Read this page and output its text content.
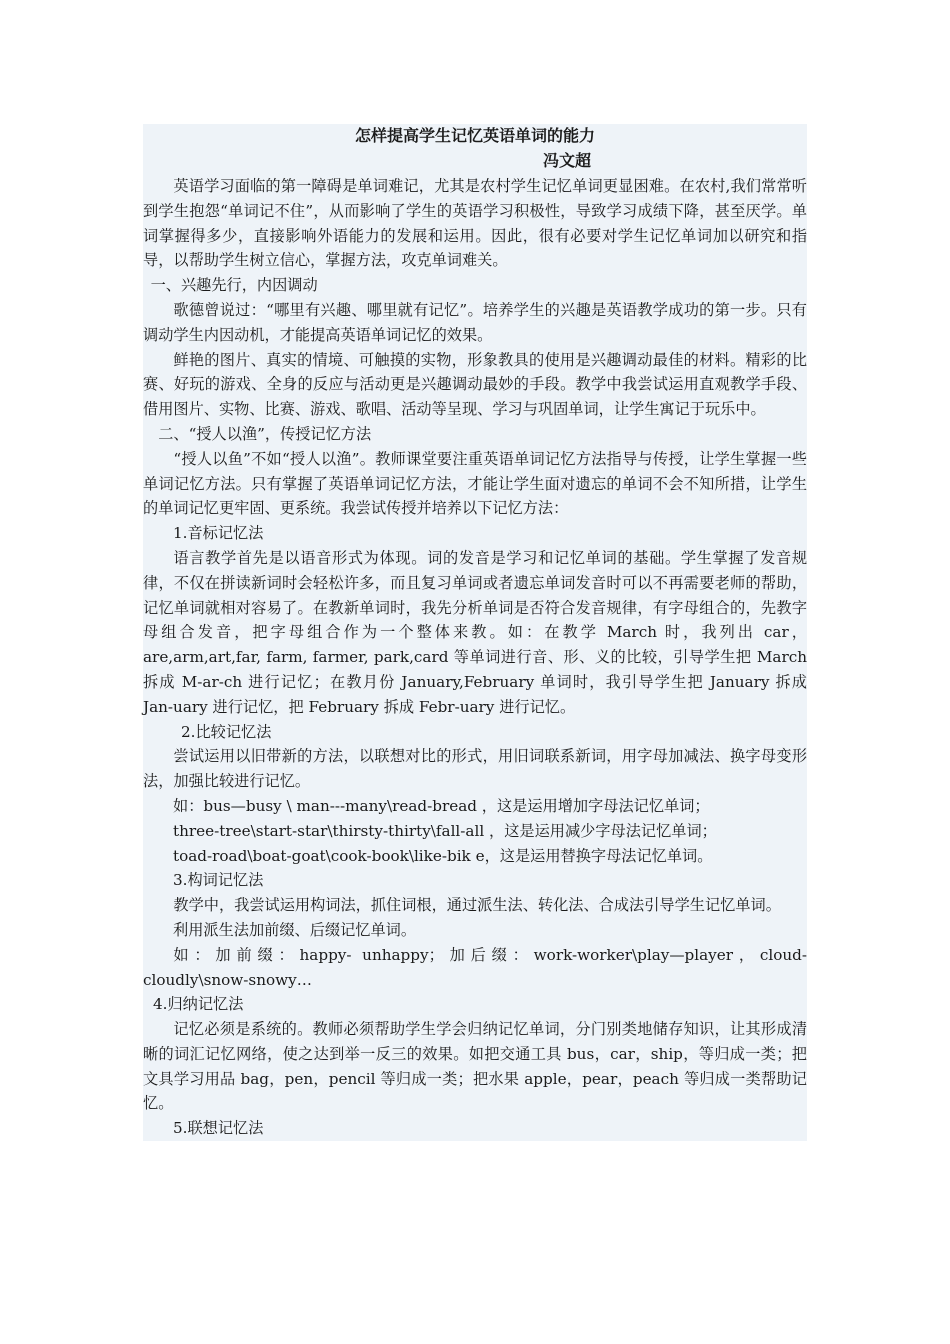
怎样提高学生记忆英语单词的能力
冯文超

英语学习面临的第一障碍是单词难记，尤其是农村学生记忆单词更显困难。在农村,我们常常听到学生抱怨“单词记不住”，从而影响了学生的英语学习积极性，导致学习成绩下降，甚至厌学。单词掌握得多少，直接影响外语能力的发展和运用。因此，很有必要对学生记忆单词加以研究和指导，以帮助学生树立信心，掌握方法，攻克单词难关。

一、兴趣先行，内因调动

歌德曾说过：“哪里有兴趣、哪里就有记忆”。培养学生的兴趣是英语教学成功的第一步。只有调动学生内因动机，才能提高英语单词记忆的效果。

鲜艳的图片、真实的情境、可触摸的实物，形象教具的使用是兴趣调动最佳的材料。精彩的比赛、好玩的游戏、全身的反应与活动更是兴趣调动最妙的手段。教学中我尝试运用直观教学手段、借用图片、实物、比赛、游戏、歌唱、活动等呈现、学习与巩固单词，让学生寓记于玩乐中。

二、“授人以渔”，传授记忆方法

“授人以鱼”不如“授人以渔”。教师课堂要注重英语单词记忆方法指导与传授，让学生掌握一些单词记忆方法。只有掌握了英语单词记忆方法，才能让学生面对遗忘的单词不会不知所措，让学生的单词记忆更牢固、更系统。我尝试传授并培养以下记忆方法：

1.音标记忆法

语言教学首先是以语音形式为体现。词的发音是学习和记忆单词的基础。学生掌握了发音规律，不仅在拼读新词时会轻松许多，而且复习单词或者遗忘单词发音时可以不再需要老师的帮助，记忆单词就相对容易了。在教新单词时，我先分析单词是否符合发音规律，有字母组合的，先教字母组合发音，把字母组合作为一个整体来教。如：在教学 March 时，我列出 car，are,arm,art,far, farm, farmer, park,card 等单词进行音、形、义的比较，引导学生把 March 拆成 M-ar-ch 进行记忆；在教月份 January,February 单词时，我引导学生把 January 拆成 Jan-uary 进行记忆，把 February 拆成 Febr-uary 进行记忆。

2.比较记忆法

尝试运用以旧带新的方法，以联想对比的形式，用旧词联系新词，用字母加减法、换字母变形法，加强比较进行记忆。

如：bus—busy \ man---many\read-bread ，这是运用增加字母法记忆单词；

three-tree\start-star\thirsty-thirty\fall-all ，这是运用减少字母法记忆单词；

toad-road\boat-goat\cook-book\like-bik e，这是运用替换字母法记忆单词。

3.构词记忆法

教学中，我尝试运用构词法，抓住词根，通过派生法、转化法、合成法引导学生记忆单词。

利用派生法加前缀、后缀记忆单词。

如：加前缀：happy- unhappy；加后缀：work-worker\play—player，cloud-cloudly\snow-snowy…

4.归纳记忆法

记忆必须是系统的。教师必须帮助学生学会归纳记忆单词，分门别类地储存知识，让其形成清晰的词汇记忆网络，使之达到举一反三的效果。如把交通工具 bus，car，ship，等归成一类；把文具学习用品 bag，pen，pencil 等归成一类；把水果 apple，pear，peach 等归成一类帮助记忆。

5.联想记忆法
